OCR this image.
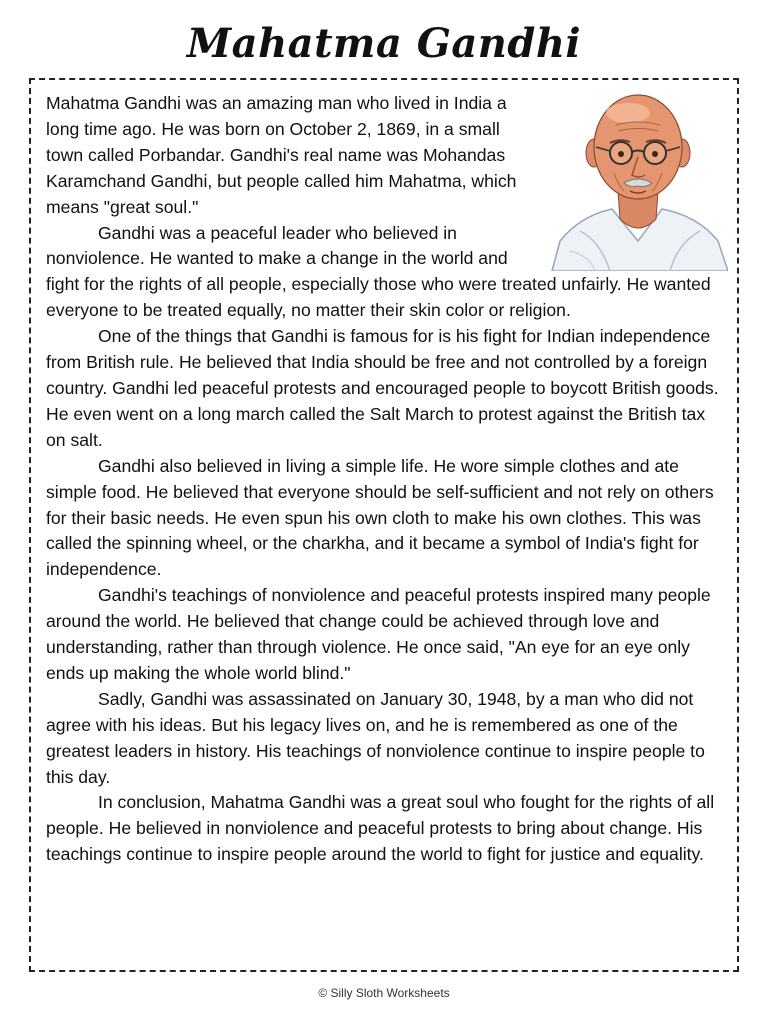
Mahatma Gandhi

Mahatma Gandhi was an amazing man who lived in India a long time ago. He was born on October 2, 1869, in a small town called Porbandar. Gandhi's real name was Mohandas Karamchand Gandhi, but people called him Mahatma, which means "great soul."

Gandhi was a peaceful leader who believed in nonviolence. He wanted to make a change in the world and fight for the rights of all people, especially those who were treated unfairly. He wanted everyone to be treated equally, no matter their skin color or religion.

One of the things that Gandhi is famous for is his fight for Indian independence from British rule. He believed that India should be free and not controlled by a foreign country. Gandhi led peaceful protests and encouraged people to boycott British goods. He even went on a long march called the Salt March to protest against the British tax on salt.

Gandhi also believed in living a simple life. He wore simple clothes and ate simple food. He believed that everyone should be self-sufficient and not rely on others for their basic needs. He even spun his own cloth to make his own clothes. This was called the spinning wheel, or the charkha, and it became a symbol of India's fight for independence.

Gandhi's teachings of nonviolence and peaceful protests inspired many people around the world. He believed that change could be achieved through love and understanding, rather than through violence. He once said, "An eye for an eye only ends up making the whole world blind."

Sadly, Gandhi was assassinated on January 30, 1948, by a man who did not agree with his ideas. But his legacy lives on, and he is remembered as one of the greatest leaders in history. His teachings of nonviolence continue to inspire people to this day.

In conclusion, Mahatma Gandhi was a great soul who fought for the rights of all people. He believed in nonviolence and peaceful protests to bring about change. His teachings continue to inspire people around the world to fight for justice and equality.

© Silly Sloth Worksheets
